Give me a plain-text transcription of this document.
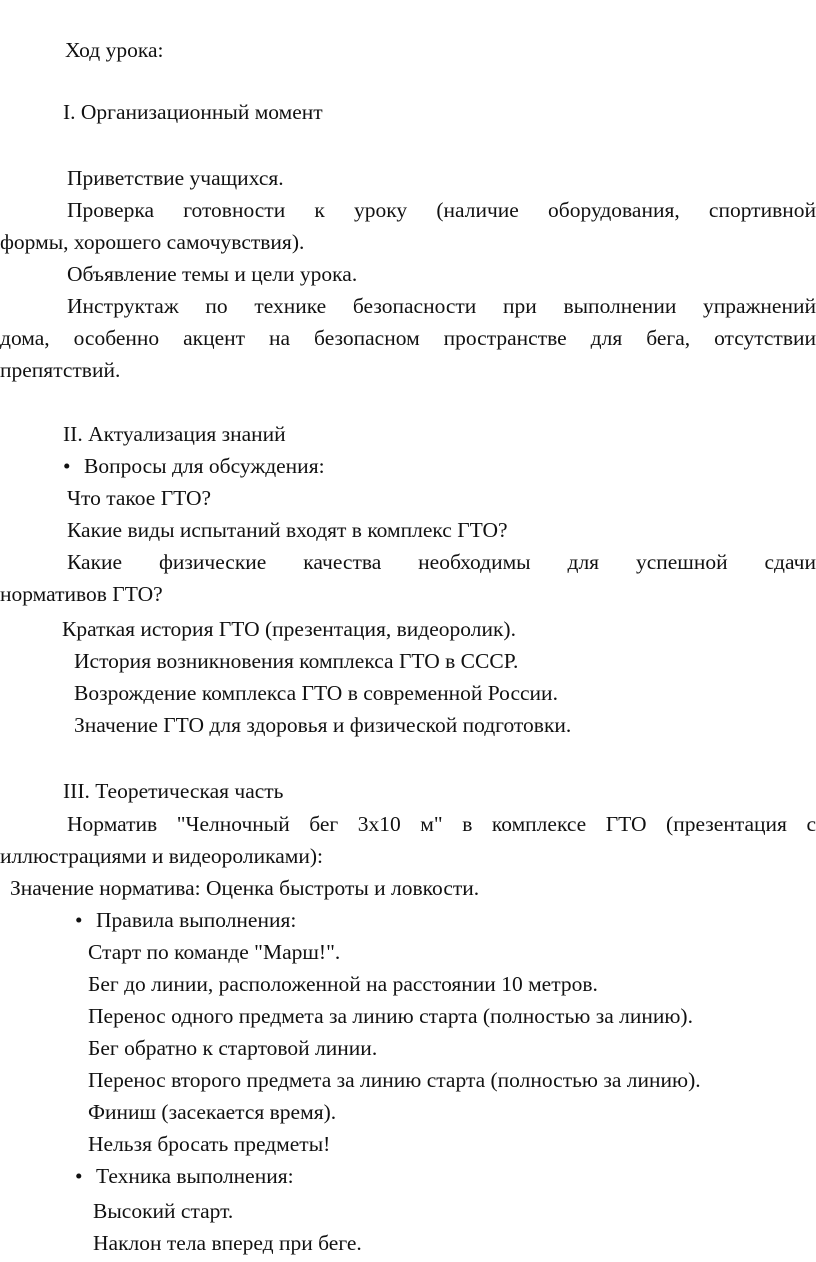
Ход урока:

I. Организационный момент

Приветствие учащихся.

Проверка готовности к уроку (наличие оборудования, спортивной

формы, хорошего самочувствия).

Объявление темы и цели урока.

Инструктаж по технике безопасности при выполнении упражнений

дома, особенно акцент на безопасном пространстве для бега, отсутствии

препятствий.

II. Актуализация знаний

• Вопросы для обсуждения:

Что такое ГТО?

Какие виды испытаний входят в комплекс ГТО?

Какие физические качества необходимы для успешной сдачи

нормативов ГТО?

Краткая история ГТО (презентация, видеоролик).

История возникновения комплекса ГТО в СССР.

Возрождение комплекса ГТО в современной России.

Значение ГТО для здоровья и физической подготовки.

III. Теоретическая часть

Норматив "Челночный бег 3х10 м" в комплексе ГТО (презентация с

иллюстрациями и видеороликами):

Значение норматива: Оценка быстроты и ловкости.

• Правила выполнения:

Старт по команде "Марш!".

Бег до линии, расположенной на расстоянии 10 метров.

Перенос одного предмета за линию старта (полностью за линию).

Бег обратно к стартовой линии.

Перенос второго предмета за линию старта (полностью за линию).

Финиш (засекается время).

Нельзя бросать предметы!

• Техника выполнения:

Высокий старт.

Наклон тела вперед при беге.
